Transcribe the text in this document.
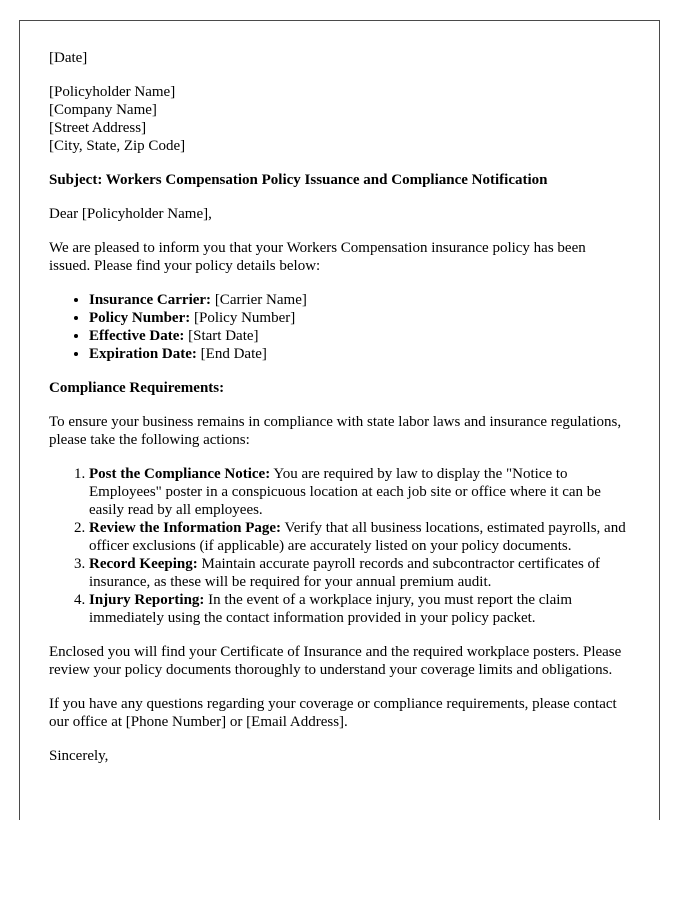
[Date]

[Policyholder Name]
[Company Name]
[Street Address]
[City, State, Zip Code]

Subject: Workers Compensation Policy Issuance and Compliance Notification

Dear [Policyholder Name],

We are pleased to inform you that your Workers Compensation insurance policy has been issued. Please find your policy details below:

• Insurance Carrier: [Carrier Name]
• Policy Number: [Policy Number]
• Effective Date: [Start Date]
• Expiration Date: [End Date]

Compliance Requirements:

To ensure your business remains in compliance with state labor laws and insurance regulations, please take the following actions:

1. Post the Compliance Notice: You are required by law to display the "Notice to Employees" poster in a conspicuous location at each job site or office where it can be easily read by all employees.
2. Review the Information Page: Verify that all business locations, estimated payrolls, and officer exclusions (if applicable) are accurately listed on your policy documents.
3. Record Keeping: Maintain accurate payroll records and subcontractor certificates of insurance, as these will be required for your annual premium audit.
4. Injury Reporting: In the event of a workplace injury, you must report the claim immediately using the contact information provided in your policy packet.

Enclosed you will find your Certificate of Insurance and the required workplace posters. Please review your policy documents thoroughly to understand your coverage limits and obligations.

If you have any questions regarding your coverage or compliance requirements, please contact our office at [Phone Number] or [Email Address].

Sincerely,
